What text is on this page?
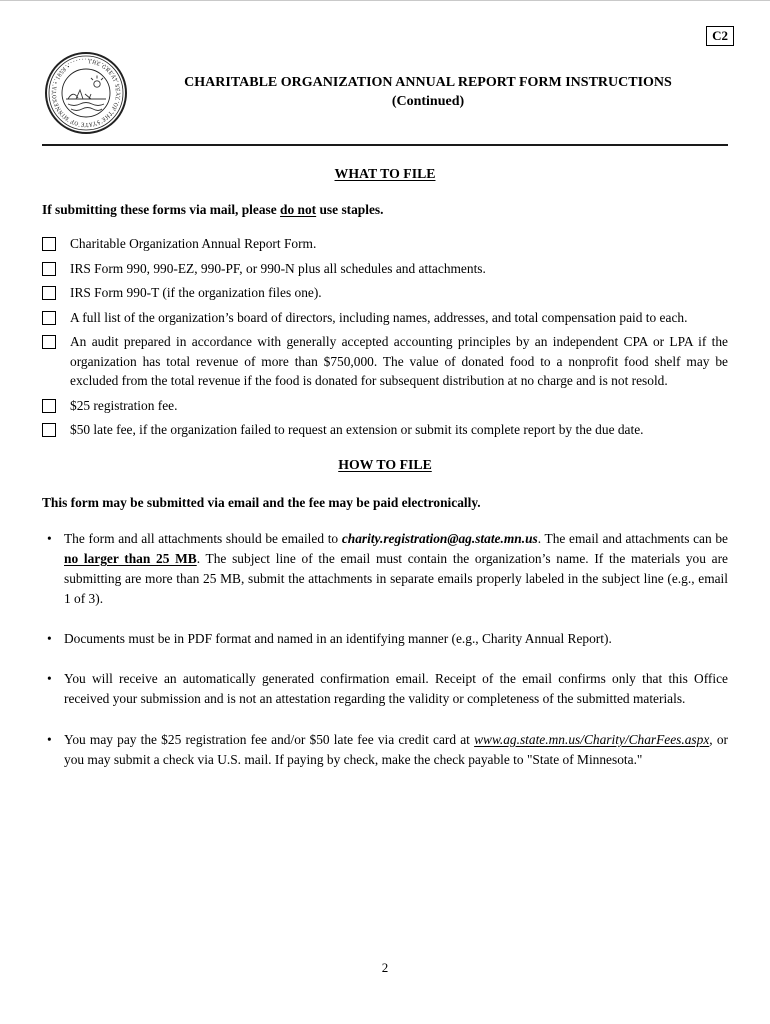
C2
THE GREAT SEAL OF THE STATE OF MINNESOTA • 1858 •
CHARITABLE ORGANIZATION ANNUAL REPORT FORM INSTRUCTIONS
(Continued)
WHAT TO FILE

If submitting these forms via mail, please do not use staples.

Charitable Organization Annual Report Form.
IRS Form 990, 990-EZ, 990-PF, or 990-N plus all schedules and attachments.
IRS Form 990-T (if the organization files one).
A full list of the organization’s board of directors, including names, addresses, and total compensation paid to each.
An audit prepared in accordance with generally accepted accounting principles by an independent CPA or LPA if the organization has total revenue of more than $750,000. The value of donated food to a nonprofit food shelf may be excluded from the total revenue if the food is donated for subsequent distribution at no charge and is not resold.
$25 registration fee.
$50 late fee, if the organization failed to request an extension or submit its complete report by the due date.
HOW TO FILE

This form may be submitted via email and the fee may be paid electronically.

• The form and all attachments should be emailed to charity.registration@ag.state.mn.us. The email and attachments can be no larger than 25 MB. The subject line of the email must contain the organization’s name. If the materials you are submitting are more than 25 MB, submit the attachments in separate emails properly labeled in the subject line (e.g., email 1 of 3).
• Documents must be in PDF format and named in an identifying manner (e.g., Charity Annual Report).
• You will receive an automatically generated confirmation email. Receipt of the email confirms only that this Office received your submission and is not an attestation regarding the validity or completeness of the submitted materials.
• You may pay the $25 registration fee and/or $50 late fee via credit card at www.ag.state.mn.us/Charity/CharFees.aspx, or you may submit a check via U.S. mail. If paying by check, make the check payable to "State of Minnesota."
2
